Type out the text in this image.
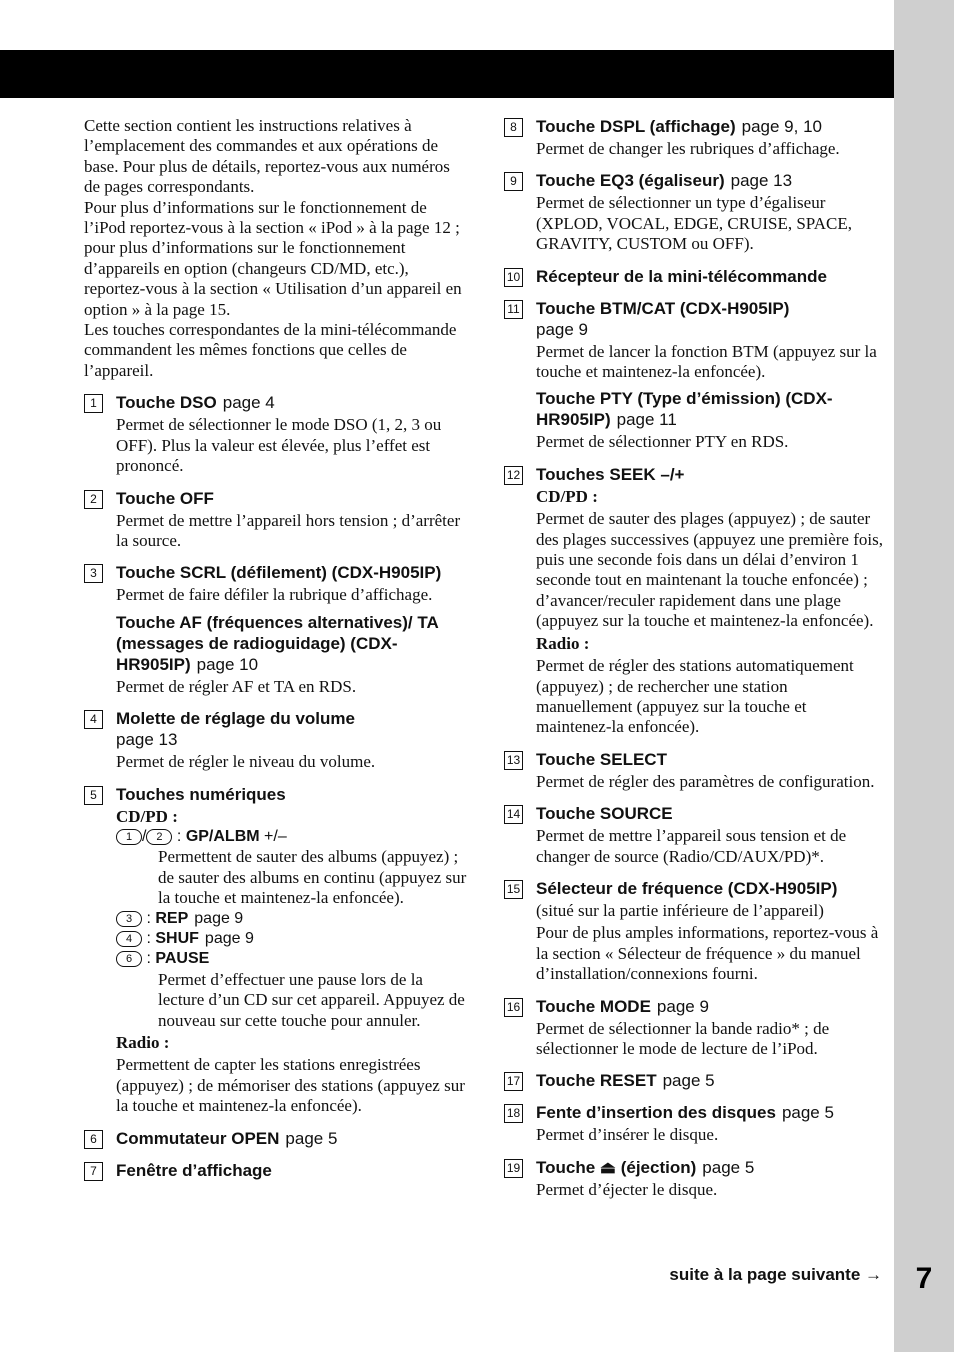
7

Cette section contient les instructions relatives à l’emplacement des commandes et aux opérations de base. Pour plus de détails, reportez-vous aux numéros de pages correspondants.

Pour plus d’informations sur le fonctionnement de l’iPod reportez-vous à la section « iPod » à la page 12 ; pour plus d’informations sur le fonctionnement d’appareils en option (changeurs CD/MD, etc.), reportez-vous à la section « Utilisation d’un appareil en option » à la page 15.

Les touches correspondantes de la mini-télécommande commandent les mêmes fonctions que celles de l’appareil.

1	Touche DSO page 4
Permet de sélectionner le mode DSO (1, 2, 3 ou OFF). Plus la valeur est élevée, plus l’effet est prononcé.
2	Touche OFF
Permet de mettre l’appareil hors tension ; d’arrêter la source.
3	Touche SCRL (défilement) (CDX-H905IP)
Permet de faire défiler la rubrique d’affichage.
Touche AF (fréquences alternatives)/ TA (messages de radioguidage) (CDX-HR905IP) page 10
Permet de régler AF et TA en RDS.
4	Molette de réglage du volume
page 13
Permet de régler le niveau du volume.
5	Touches numériques
CD/PD :
1 / 2 : GP/ALBM +/–
Permettent de sauter des albums (appuyez) ; de sauter des albums en continu (appuyez sur la touche et maintenez-la enfoncée).
3 : REP page 9
4 : SHUF page 9
6 : PAUSE
Permet d’effectuer une pause lors de la lecture d’un CD sur cet appareil. Appuyez de nouveau sur cette touche pour annuler.
Radio :
Permettent de capter les stations enregistrées (appuyez) ; de mémoriser des stations (appuyez sur la touche et maintenez-la enfoncée).
6	Commutateur OPEN page 5
7	Fenêtre d’affichage
8	Touche DSPL (affichage) page 9, 10
Permet de changer les rubriques d’affichage.
9	Touche EQ3 (égaliseur) page 13
Permet de sélectionner un type d’égaliseur (XPLOD, VOCAL, EDGE, CRUISE, SPACE, GRAVITY, CUSTOM ou OFF).
10 Récepteur de la mini-télécommande
11 Touche BTM/CAT (CDX-H905IP)
page 9
Permet de lancer la fonction BTM (appuyez sur la touche et maintenez-la enfoncée).
Touche PTY (Type d’émission) (CDX-HR905IP) page 11
Permet de sélectionner PTY en RDS.
12 Touches SEEK –/+
CD/PD :
Permet de sauter des plages (appuyez) ; de sauter des plages successives (appuyez une première fois, puis une seconde fois dans un délai d’environ 1 seconde tout en maintenant la touche enfoncée) ; d’avancer/reculer rapidement dans une plage (appuyez sur la touche et maintenez-la enfoncée).
Radio :
Permet de régler des stations automatiquement (appuyez) ; de rechercher une station manuellement (appuyez sur la touche et maintenez-la enfoncée).
13 Touche SELECT
Permet de régler des paramètres de configuration.
14 Touche SOURCE
Permet de mettre l’appareil sous tension et de changer de source (Radio/CD/AUX/PD)*.
15 Sélecteur de fréquence (CDX-H905IP)
(situé sur la partie inférieure de l’appareil)
Pour de plus amples informations, reportez-vous à la section « Sélecteur de fréquence » du manuel d’installation/connexions fourni.
16 Touche MODE page 9
Permet de sélectionner la bande radio* ; de sélectionner le mode de lecture de l’iPod.
17 Touche RESET page 5
18 Fente d’insertion des disques page 5
Permet d’insérer le disque.
19 Touche ⏏ (éjection) page 5
Permet d’éjecter le disque.
suite à la page suivante →
